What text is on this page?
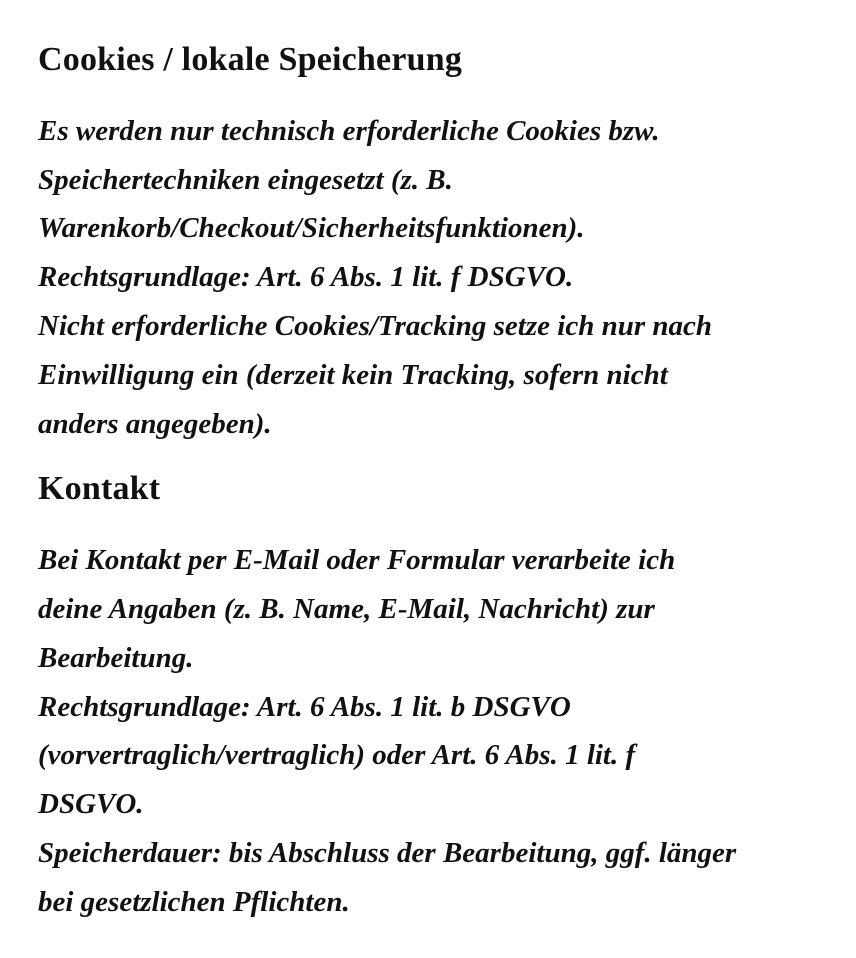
Cookies / lokale Speicherung

Es werden nur technisch erforderliche Cookies bzw.
Speichertechniken eingesetzt (z. B.
Warenkorb/Checkout/Sicherheitsfunktionen).
Rechtsgrundlage: Art. 6 Abs. 1 lit. f DSGVO.
Nicht erforderliche Cookies/Tracking setze ich nur nach
Einwilligung ein (derzeit kein Tracking, sofern nicht
anders angegeben).

Kontakt

Bei Kontakt per E-Mail oder Formular verarbeite ich
deine Angaben (z. B. Name, E-Mail, Nachricht) zur
Bearbeitung.
Rechtsgrundlage: Art. 6 Abs. 1 lit. b DSGVO
(vorvertraglich/vertraglich) oder Art. 6 Abs. 1 lit. f
DSGVO.
Speicherdauer: bis Abschluss der Bearbeitung, ggf. länger
bei gesetzlichen Pflichten.
